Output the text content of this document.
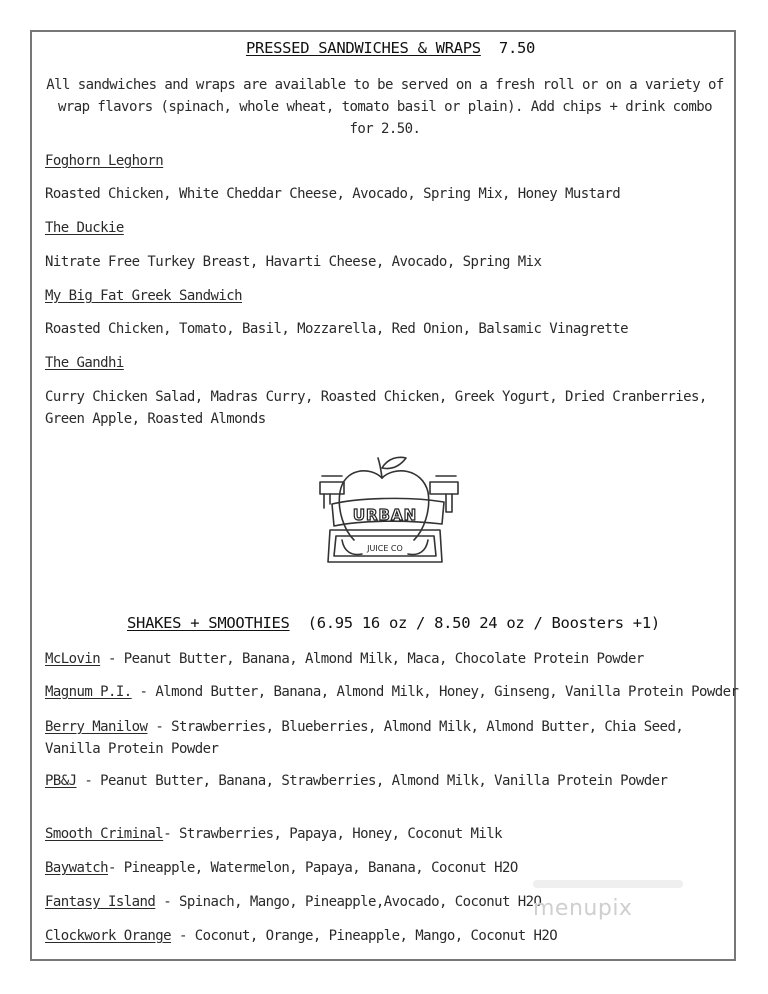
PRESSED SANDWICHES & WRAPS 7.50
All sandwiches and wraps are available to be served on a fresh roll or on a variety of wrap flavors (spinach, whole wheat, tomato basil or plain). Add chips + drink combo for 2.50.
Foghorn Leghorn
Roasted Chicken, White Cheddar Cheese, Avocado, Spring Mix, Honey Mustard
The Duckie
Nitrate Free Turkey Breast, Havarti Cheese, Avocado, Spring Mix
My Big Fat Greek Sandwich
Roasted Chicken, Tomato, Basil, Mozzarella, Red Onion, Balsamic Vinagrette
The Gandhi
Curry Chicken Salad, Madras Curry, Roasted Chicken, Greek Yogurt, Dried Cranberries, Green Apple, Roasted Almonds
URBAN
JUICE CO
SHAKES + SMOOTHIES (6.95 16 oz / 8.50 24 oz / Boosters +1)
McLovin - Peanut Butter, Banana, Almond Milk, Maca, Chocolate Protein Powder
Magnum P.I. - Almond Butter, Banana, Almond Milk, Honey, Ginseng, Vanilla Protein Powder
Berry Manilow - Strawberries, Blueberries, Almond Milk, Almond Butter, Chia Seed, Vanilla Protein Powder
PB&J - Peanut Butter, Banana, Strawberries, Almond Milk, Vanilla Protein Powder
Smooth Criminal- Strawberries, Papaya, Honey, Coconut Milk
Baywatch- Pineapple, Watermelon, Papaya, Banana, Coconut H2O
Fantasy Island - Spinach, Mango, Pineapple,Avocado, Coconut H2O
Clockwork Orange - Coconut, Orange, Pineapple, Mango, Coconut H2O
menupix
